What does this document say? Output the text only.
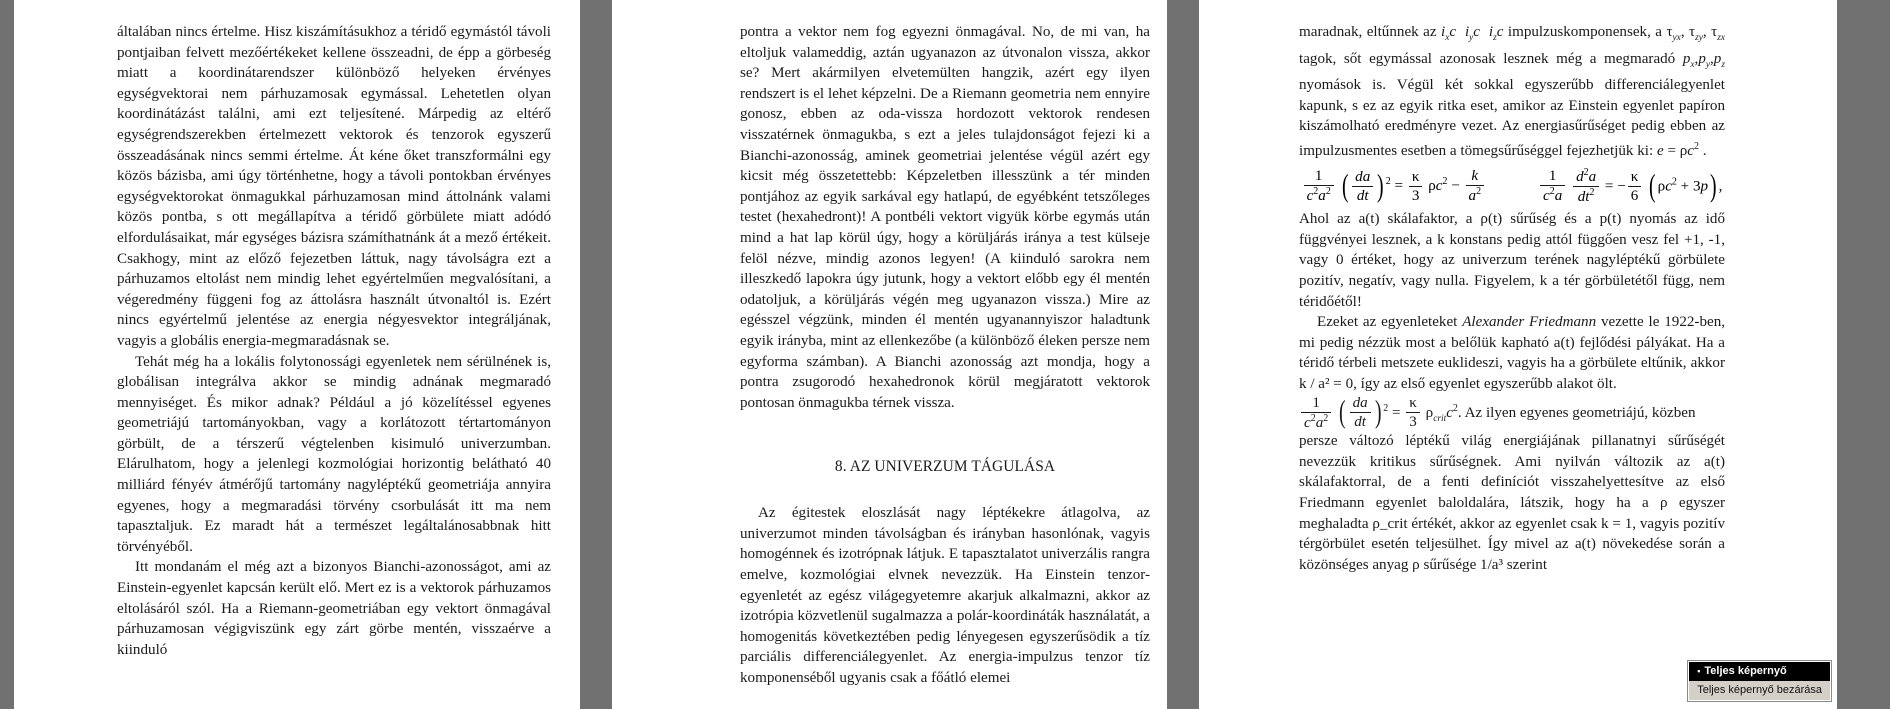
általában nincs értelme. Hisz kiszámításukhoz a téridő egymástól távoli pontjaiban felvett mezőértékeket kellene összeadni, de épp a görbeség miatt a koordinátarendszer különböző helyeken érvényes egységvektorai nem párhuzamosak egymással. Lehetetlen olyan koordinátázást találni, ami ezt teljesítené. Márpedig az eltérő egységrendszerekben értelmezett vektorok és tenzorok egyszerű összeadásának nincs semmi értelme. Át kéne őket transzformálni egy közös bázisba, ami úgy történhetne, hogy a távoli pontokban érvényes egységvektorokat önmagukkal párhuzamosan mind áttolnánk valami közös pontba, s ott megállapítva a téridő görbülete miatt adódó elfordulásaikat, már egységes bázisra számíthatnánk át a mező értékeit. Csakhogy, mint az előző fejezetben láttuk, nagy távolságra ezt a párhuzamos eltolást nem mindig lehet egyértelműen megvalósítani, a végeredmény függeni fog az áttolásra használt útvonaltól is. Ezért nincs egyértelmű jelentése az energia négyesvektor integráljának, vagyis a globális energia-megmaradásnak se.

Tehát még ha a lokális folytonossági egyenletek nem sérülnének is, globálisan integrálva akkor se mindig adnának megmaradó mennyiséget. És mikor adnak? Például a jó közelítéssel egyenes geometriájú tartományokban, vagy a korlátozott tértartományon görbült, de a térszerű végtelenben kisimuló univerzumban. Elárulhatom, hogy a jelenlegi kozmológiai horizontig belátható 40 milliárd fényév átmérőjű tartomány nagyléptékű geometriája annyira egyenes, hogy a megmaradási törvény csorbulását itt ma nem tapasztaljuk. Ez maradt hát a természet legáltalánosabbnak hitt törvényéből.

Itt mondanám el még azt a bizonyos Bianchi-azonosságot, ami az Einstein-egyenlet kapcsán került elő. Mert ez is a vektorok párhuzamos eltolásáról szól. Ha a Riemann-geometriában egy vektort önmagával párhuzamosan végigviszünk egy zárt görbe mentén, visszaérve a kiinduló

pontra a vektor nem fog egyezni önmagával. No, de mi van, ha eltoljuk valameddig, aztán ugyanazon az útvonalon vissza, akkor se? Mert akármilyen elvetemülten hangzik, azért egy ilyen rendszert is el lehet képzelni. De a Riemann geometria nem ennyire gonosz, ebben az oda-vissza hordozott vektorok rendesen visszatérnek önmagukba, s ezt a jeles tulajdonságot fejezi ki a Bianchi-azonosság, aminek geometriai jelentése végül azért egy kicsit még összetettebb: Képzeletben illesszünk a tér minden pontjához az egyik sarkával egy hatlapú, de egyébként tetszőleges testet (hexahedront)! A pontbéli vektort vigyük körbe egymás után mind a hat lap körül úgy, hogy a körüljárás iránya a test külseje felöl nézve, mindig azonos legyen! (A kiinduló sarokra nem illeszkedő lapokra úgy jutunk, hogy a vektort előbb egy él mentén odatoljuk, a körüljárás végén meg ugyanazon vissza.) Mire az egésszel végzünk, minden él mentén ugyanannyiszor haladtunk egyik irányba, mint az ellenkezőbe (a különböző éleken persze nem egyforma számban). A Bianchi azonosság azt mondja, hogy a pontra zsugorodó hexahedronok körül megjáratott vektorok pontosan önmagukba térnek vissza.

8. AZ UNIVERZUM TÁGULÁSA

Az égitestek eloszlását nagy léptékekre átlagolva, az univerzumot minden távolságban és irányban hasonlónak, vagyis homogénnek és izotrópnak látjuk. E tapasztalatot univerzális rangra emelve, kozmológiai elvnek nevezzük. Ha Einstein tenzor-egyenletét az egész világegyetemre akarjuk alkalmazni, akkor az izotrópia közvetlenül sugalmazza a polár-koordináták használatát, a homogenitás következtében pedig lényegesen egyszerűsödik a tíz parciális differenciálegyenlet. Az energia-impulzus tenzor tíz komponenséből ugyanis csak a főátló elemei

maradnak, eltűnnek az $i_xc$ $i_yc$ $i_zc$ impulzuskomponensek, a $\tau_{yx}$, $\tau_{zy}$, $\tau_{zx}$ tagok, sőt egymással azonosak lesznek még a megmaradó $p_x,p_y,p_z$ nyomások is. Végül két sokkal egyszerűbb differenciálegyenlet kapunk, s ez az egyik ritka eset, amikor az Einstein egyenlet papíron kiszámolható eredményre vezet. Az energiasűrűséget pedig ebben az impulzusmentes esetben a tömegsűrűséggel fejezhetjük ki: $e = \rho c^2$ .

$\frac{1}{c^2a^2}$ ( $\frac{da}{dt}$ ) $^2 = \frac{\kappa}{3} \rho c^2 - \frac{k}{a^2}$	$\frac{1}{c^2a}$
$\frac{d^2a}{dt^2}$ = − $\frac{\kappa}{6}$ ( $\rho c^2 + 3p$) ,

Ahol az a(t) skálafaktor, a ρ(t) sűrűség és a p(t) nyomás az idő függvényei lesznek, a k konstans pedig attól függően vesz fel +1, -1, vagy 0 értéket, hogy az univerzum terének nagyléptékű görbülete pozitív, negatív, vagy nulla. Figyelem, k a tér görbületétől függ, nem téridőétől!

Ezeket az egyenleteket Alexander Friedmann vezette le 1922-ben, mi pedig nézzük most a belőlük kapható a(t) fejlődési pályákat. Ha a téridő térbeli metszete euklideszi, vagyis ha a görbülete eltűnik, akkor k / a² = 0, így az első egyenlet egyszerűbb alakot ölt.

$\frac{1}{c^2a^2}$ ( $\frac{da}{dt}$ ) $^2 = \frac{\kappa}{3} \rho_{crit}c^2$. Az ilyen egyenes geometriájú, közben

persze változó léptékű világ energiájának pillanatnyi sűrűségét nevezzük kritikus sűrűségnek. Ami nyilván változik az a(t) skálafaktorral, de a fenti definíciót visszahelyettesítve az első Friedmann egyenlet baloldalára, látszik, hogy ha a ρ egyszer meghaladta ρ_crit értékét, akkor az egyenlet csak k = 1, vagyis pozitív térgörbület esetén teljesülhet. Így mivel az a(t) növekedése során a közönséges anyag ρ sűrűsége 1/a³ szerint

• Teljes képernyő
Teljes képernyő bezárása
